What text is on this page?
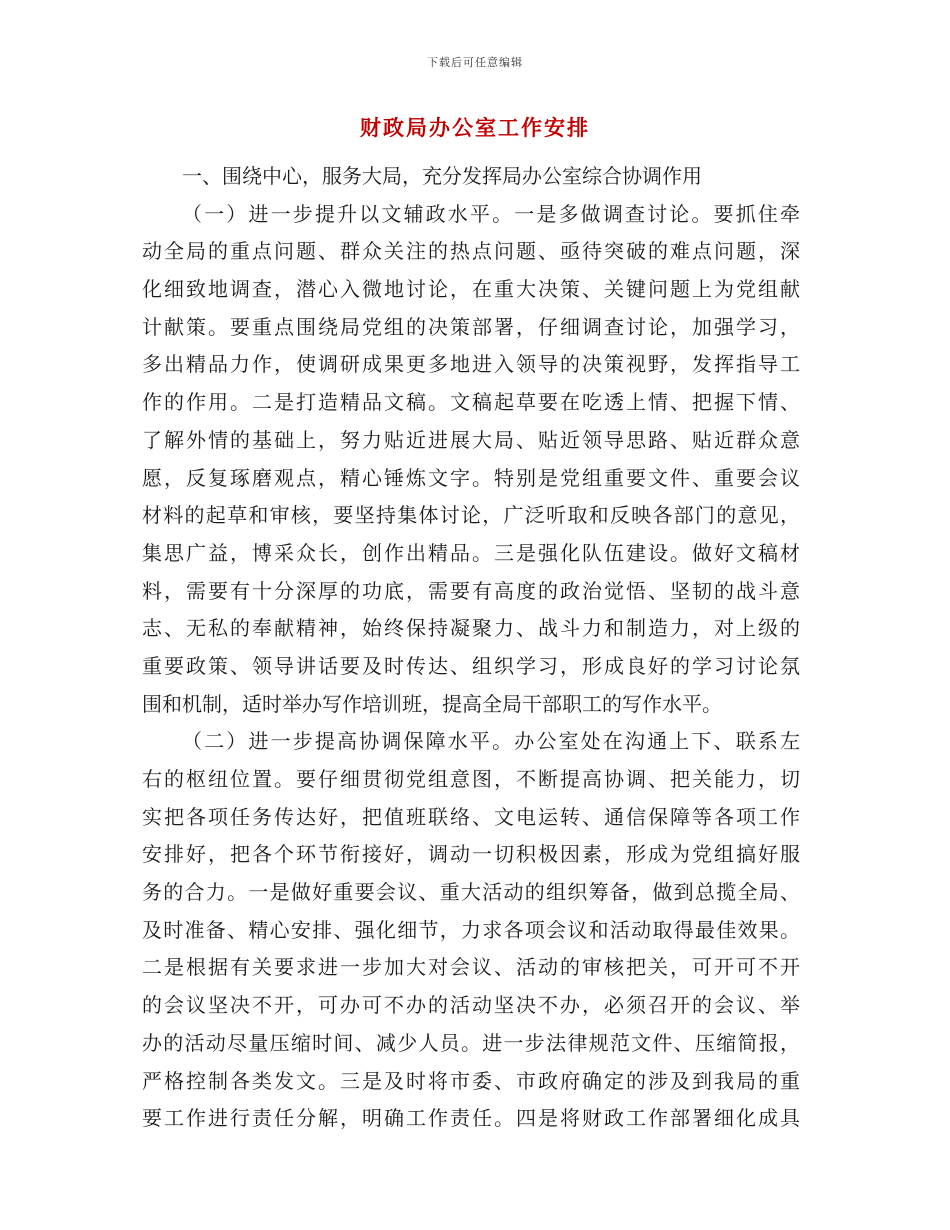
下载后可任意编辑
财政局办公室工作安排
一、围绕中心，服务大局，充分发挥局办公室综合协调作用
（一）进一步提升以文辅政水平。一是多做调查讨论。要抓住牵
动全局的重点问题、群众关注的热点问题、亟待突破的难点问题，深
化细致地调查，潜心入微地讨论，在重大决策、关键问题上为党组献
计献策。要重点围绕局党组的决策部署，仔细调查讨论，加强学习，
多出精品力作，使调研成果更多地进入领导的决策视野，发挥指导工
作的作用。二是打造精品文稿。文稿起草要在吃透上情、把握下情、
了解外情的基础上，努力贴近进展大局、贴近领导思路、贴近群众意
愿，反复琢磨观点，精心锤炼文字。特别是党组重要文件、重要会议
材料的起草和审核，要坚持集体讨论，广泛听取和反映各部门的意见，
集思广益，博采众长，创作出精品。三是强化队伍建设。做好文稿材
料，需要有十分深厚的功底，需要有高度的政治觉悟、坚韧的战斗意
志、无私的奉献精神，始终保持凝聚力、战斗力和制造力，对上级的
重要政策、领导讲话要及时传达、组织学习，形成良好的学习讨论氛
围和机制，适时举办写作培训班，提高全局干部职工的写作水平。
（二）进一步提高协调保障水平。办公室处在沟通上下、联系左
右的枢纽位置。要仔细贯彻党组意图，不断提高协调、把关能力，切
实把各项任务传达好，把值班联络、文电运转、通信保障等各项工作
安排好，把各个环节衔接好，调动一切积极因素，形成为党组搞好服
务的合力。一是做好重要会议、重大活动的组织筹备，做到总揽全局、
及时准备、精心安排、强化细节，力求各项会议和活动取得最佳效果。
二是根据有关要求进一步加大对会议、活动的审核把关，可开可不开
的会议坚决不开，可办可不办的活动坚决不办，必须召开的会议、举
办的活动尽量压缩时间、减少人员。进一步法律规范文件、压缩简报，
严格控制各类发文。三是及时将市委、市政府确定的涉及到我局的重
要工作进行责任分解，明确工作责任。四是将财政工作部署细化成具
